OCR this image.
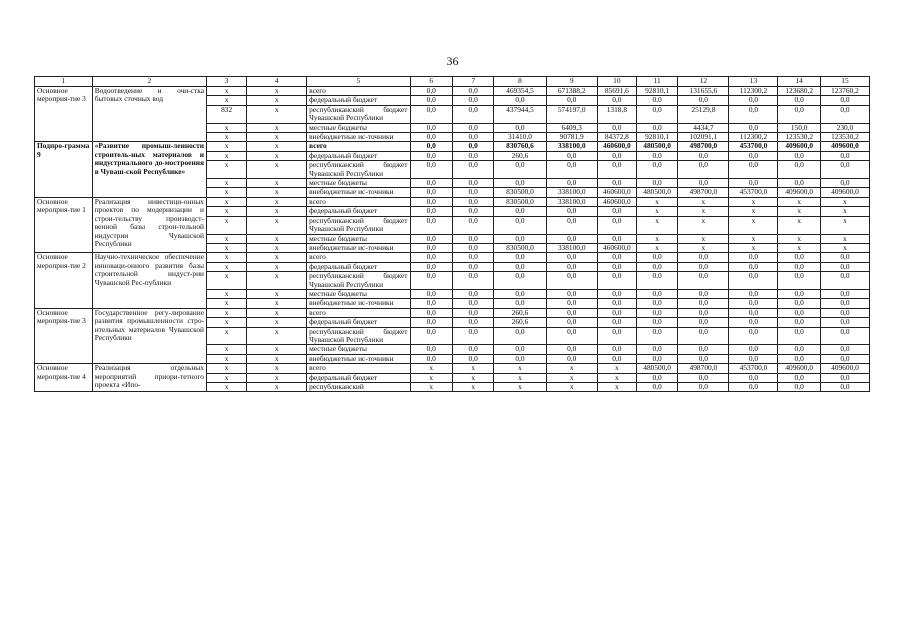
36
1	2	3	4	5	6	7	8	9	10	11	12	13	14	15
Основное мероприя-тие 3	Водоотведение и очи-стка бытовых сточных вод	х	х	всего	0,0	0,0	469354,5	671388,2	85691,6	92810,1	131655,6	112300,2	123680,2	123760,2
		х	х	федеральный бюджет	0,0	0,0	0,0	0,0	0,0	0,0	0,0	0,0	0,0	0,0
		832	х	республиканский бюджет Чувашской Республики	0,0	0,0	437944,5	574197,0	1318,8	0,0	25129,8	0,0	0,0	0,0
		х	х	местные бюджеты	0,0	0,0	0,0	6409,3	0,0	0,0	4434,7	0,0	150,0	230,0
		х	х	внебюджетные ис-точники	0,0	0,0	31410,0	90781,9	84372,8	92810,1	102091,1	112300,2	123530,2	123530,2
Подпро-грамма 9	«Развитие промыш-ленности строитель-ных материалов и индустриального до-мостроения в Чуваш-ской Республике»	х	х	всего	0,0	0,0	830760,6	338100,0	460600,0	480500,0	498700,0	453700,0	409600,0	409600,0
		х	х	федеральный бюджет	0,0	0,0	260,6	0,0	0,0	0,0	0,0	0,0	0,0	0,0
		х	х	республиканский бюджет Чувашской Республики	0,0	0,0	0,0	0,0	0,0	0,0	0,0	0,0	0,0	0,0
		х	х	местные бюджеты	0,0	0,0	0,0	0,0	0,0	0,0	0,0	0,0	0,0	0,0
		х	х	внебюджетные ис-точники	0,0	0,0	830500,0	338100,0	460600,0	480500,0	498700,0	453700,0	409600,0	409600,0
Основное мероприя-тие 1	Реализация инвестици-онных проектов по модернизации и строи-тельству производст-венной базы строи-тельной индустрии Чувашской Республики	х	х	всего	0,0	0,0	830500,0	338100,0	460600,0	х	х	х	х	х
		х	х	федеральный бюджет	0,0	0,0	0,0	0,0	0,0	х	х	х	х	х
		х	х	республиканский бюджет Чувашской Республики	0,0	0,0	0,0	0,0	0,0	х	х	х	х	х
		х	х	местные бюджеты	0,0	0,0	0,0	0,0	0,0	х	х	х	х	х
		х	х	внебюджетные ис-точники	0,0	0,0	830500,0	338100,0	460600,0	х	х	х	х	х
Основное мероприя-тие 2	Научно-техническое обеспечение инноваци-онного развития базы строительной индуст-рии Чувашской Рес-публики	х	х	всего	0,0	0,0	0,0	0,0	0,0	0,0	0,0	0,0	0,0	0,0
		х	х	федеральный бюджет	0,0	0,0	0,0	0,0	0,0	0,0	0,0	0,0	0,0	0,0
		х	х	республиканский бюджет Чувашской Республики	0,0	0,0	0,0	0,0	0,0	0,0	0,0	0,0	0,0	0,0
		х	х	местные бюджеты	0,0	0,0	0,0	0,0	0,0	0,0	0,0	0,0	0,0	0,0
		х	х	внебюджетные ис-точники	0,0	0,0	0,0	0,0	0,0	0,0	0,0	0,0	0,0	0,0
Основное мероприя-тие 3	Государственное регу-лирование развития промышленности стро-ительных материалов Чувашской Республики	х	х	всего	0,0	0,0	260,6	0,0	0,0	0,0	0,0	0,0	0,0	0,0
		х	х	федеральный бюджет	0,0	0,0	260,6	0,0	0,0	0,0	0,0	0,0	0,0	0,0
		х	х	республиканский бюджет Чувашской Республики	0,0	0,0	0,0	0,0	0,0	0,0	0,0	0,0	0,0	0,0
		х	х	местные бюджеты	0,0	0,0	0,0	0,0	0,0	0,0	0,0	0,0	0,0	0,0
		х	х	внебюджетные ис-точники	0,0	0,0	0,0	0,0	0,0	0,0	0,0	0,0	0,0	0,0
Основное мероприя-тие 4	Реализация отдельных мероприятий приори-тетного проекта «Ипо-	х	х	всего	х	х	х	х	х	480500,0	498700,0	453700,0	409600,0	409600,0
		х	х	федеральный бюджет	х	х	х	х	х	0,0	0,0	0,0	0,0	0,0
		х	х	республиканский	х	х	х	х	х	0,0	0,0	0,0	0,0	0,0
